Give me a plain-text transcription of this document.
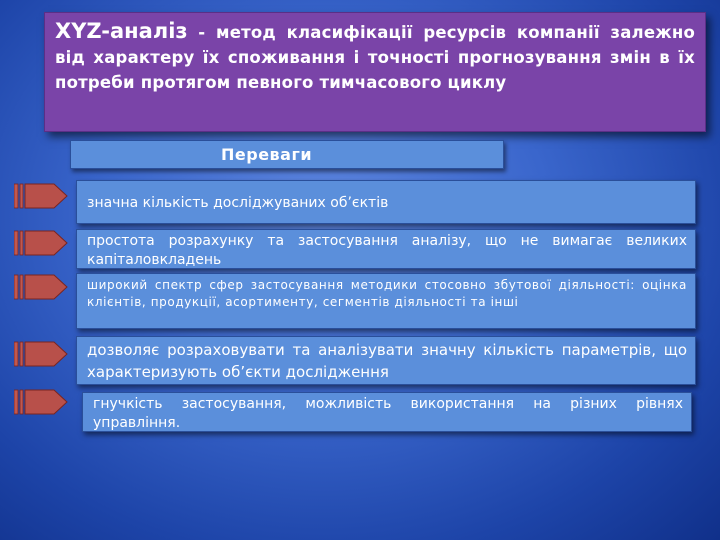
XYZ-аналіз - метод класифікації ресурсів компанії залежно від характеру їх споживання і точності прогнозування змін в їх потреби протягом певного тимчасового циклу

Переваги

значна кількість досліджуваних об’єктів

простота розрахунку та застосування аналізу, що не вимагає великих капіталовкладень

широкий спектр сфер застосування методики стосовно збутової діяльності: оцінка клієнтів, продукції, асортименту, сегментів діяльності та інші

дозволяє розраховувати та аналізувати значну кількість параметрів, що характеризують об’єкти дослідження

гнучкість застосування, можливість використання на різних рівнях управління.
